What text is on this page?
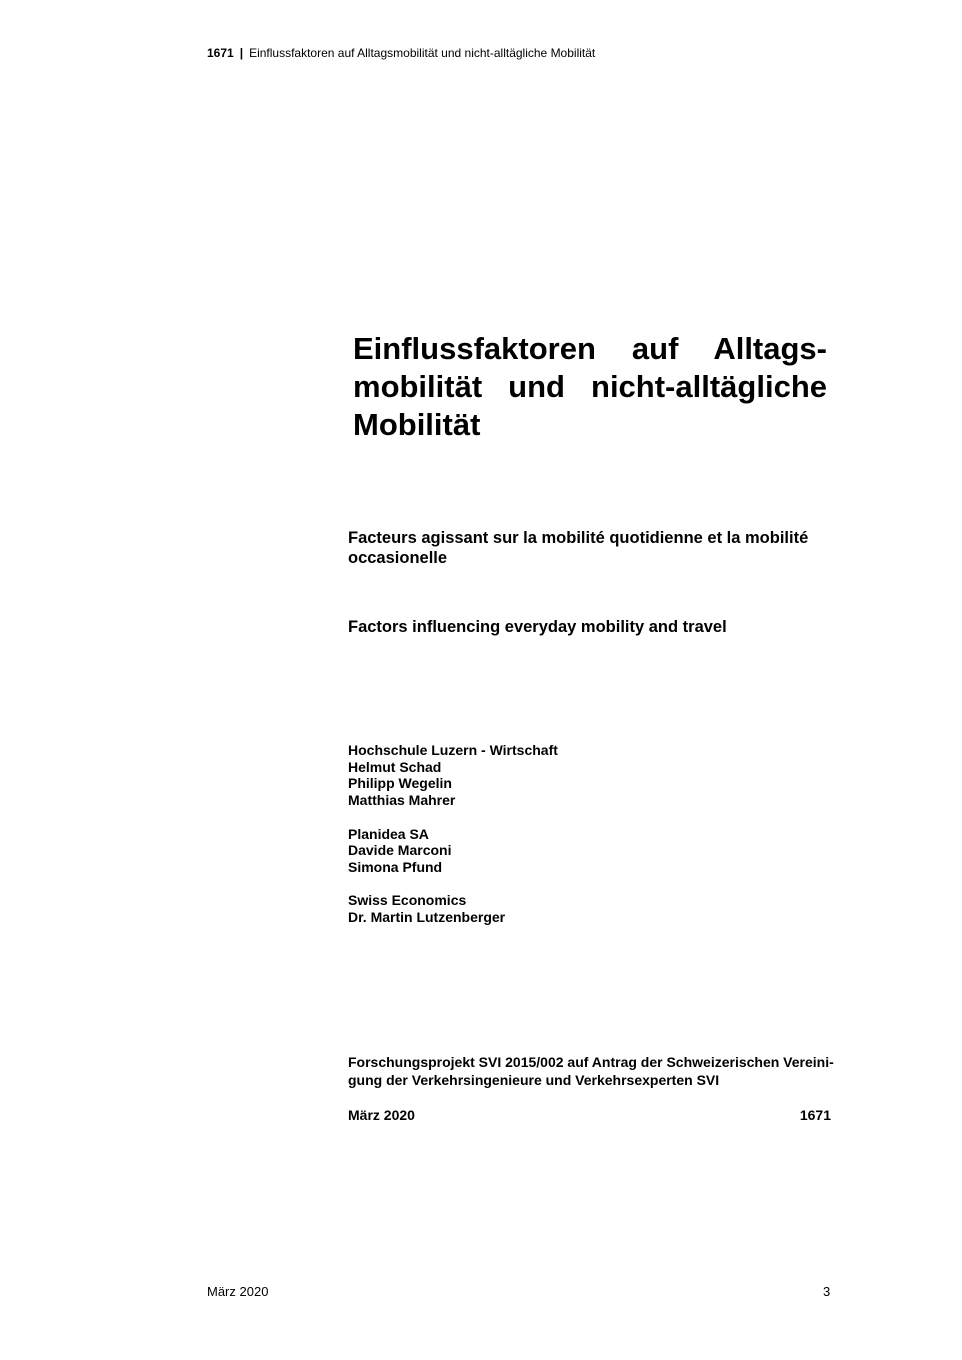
1671 | Einflussfaktoren auf Alltagsmobilität und nicht-alltägliche Mobilität
Einflussfaktoren auf Alltags-
mobilität und nicht-alltägliche
Mobilität
Facteurs agissant sur la mobilité quotidienne et la mobilité occasionelle
Factors influencing everyday mobility and travel
Hochschule Luzern - Wirtschaft
Helmut Schad
Philipp Wegelin
Matthias Mahrer
Planidea SA
Davide Marconi
Simona Pfund
Swiss Economics
Dr. Martin Lutzenberger
Forschungsprojekt SVI 2015/002 auf Antrag der Schweizerischen Vereini-
gung der Verkehrsingenieure und Verkehrsexperten SVI
März 2020	1671
März 2020	3
